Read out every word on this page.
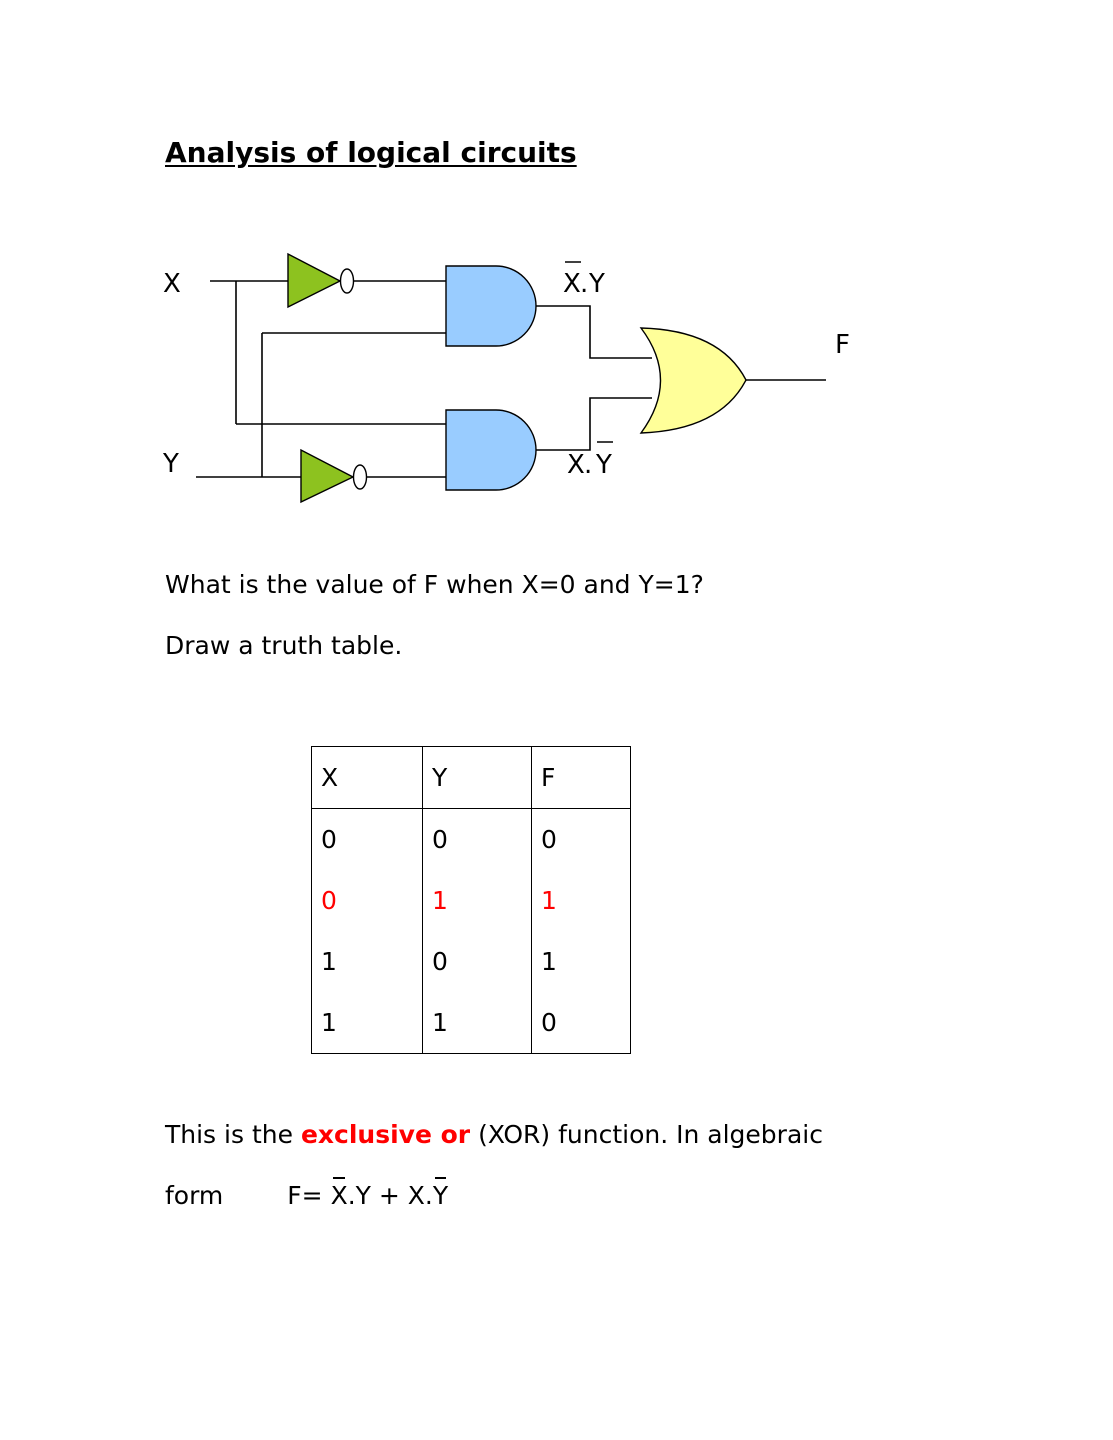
Analysis of logical circuits
X
Y
F
X . Y
X . Y
What is the value of F when X=0 and Y=1?
Draw a truth table.
X	Y	F
0	0	0
0	1	1
1	0	1
1	1	0
This is the exclusive or (XOR) function. In algebraic
form	F= X.Y + X.Y
